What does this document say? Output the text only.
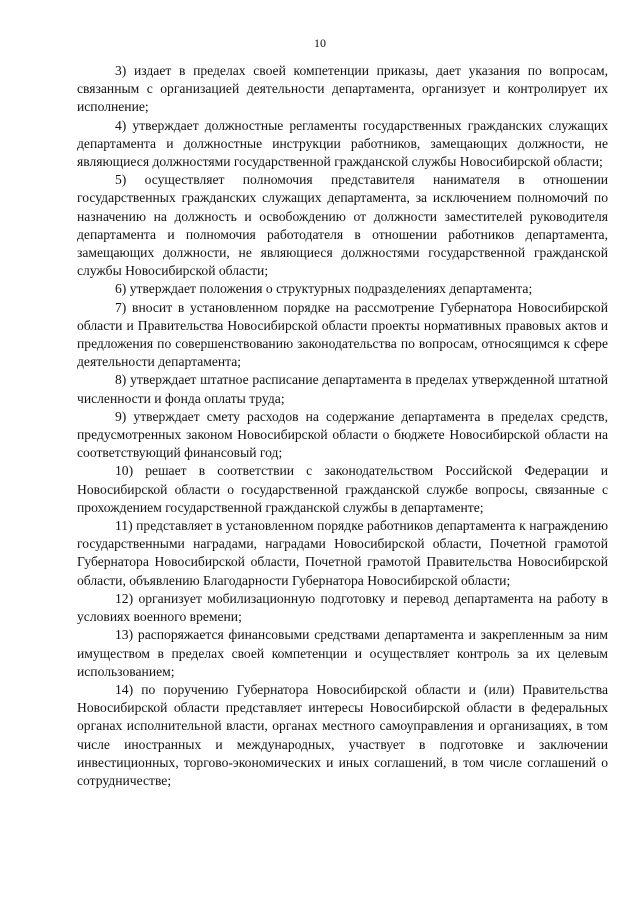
10

3) издает в пределах своей компетенции приказы, дает указания по вопросам, связанным с организацией деятельности департамента, организует и контролирует их исполнение;

4) утверждает должностные регламенты государственных гражданских служащих департамента и должностные инструкции работников, замещающих должности, не являющиеся должностями государственной гражданской службы Новосибирской области;

5) осуществляет полномочия представителя нанимателя в отношении государственных гражданских служащих департамента, за исключением полномочий по назначению на должность и освобождению от должности заместителей руководителя департамента и полномочия работодателя в отношении работников департамента, замещающих должности, не являющиеся должностями государственной гражданской службы Новосибирской области;

6) утверждает положения о структурных подразделениях департамента;

7) вносит в установленном порядке на рассмотрение Губернатора Новосибирской области и Правительства Новосибирской области проекты нормативных правовых актов и предложения по совершенствованию законодательства по вопросам, относящимся к сфере деятельности департамента;

8) утверждает штатное расписание департамента в пределах утвержденной штатной численности и фонда оплаты труда;

9) утверждает смету расходов на содержание департамента в пределах средств, предусмотренных законом Новосибирской области о бюджете Новосибирской области на соответствующий финансовый год;

10) решает в соответствии с законодательством Российской Федерации и Новосибирской области о государственной гражданской службе вопросы, связанные с прохождением государственной гражданской службы в департаменте;

11) представляет в установленном порядке работников департамента к награждению государственными наградами, наградами Новосибирской области, Почетной грамотой Губернатора Новосибирской области, Почетной грамотой Правительства Новосибирской области, объявлению Благодарности Губернатора Новосибирской области;

12) организует мобилизационную подготовку и перевод департамента на работу в условиях военного времени;

13) распоряжается финансовыми средствами департамента и закрепленным за ним имуществом в пределах своей компетенции и осуществляет контроль за их целевым использованием;

14) по поручению Губернатора Новосибирской области и (или) Правительства Новосибирской области представляет интересы Новосибирской области в федеральных органах исполнительной власти, органах местного самоуправления и организациях, в том числе иностранных и международных, участвует в подготовке и заключении инвестиционных, торгово-экономических и иных соглашений, в том числе соглашений о сотрудничестве;
